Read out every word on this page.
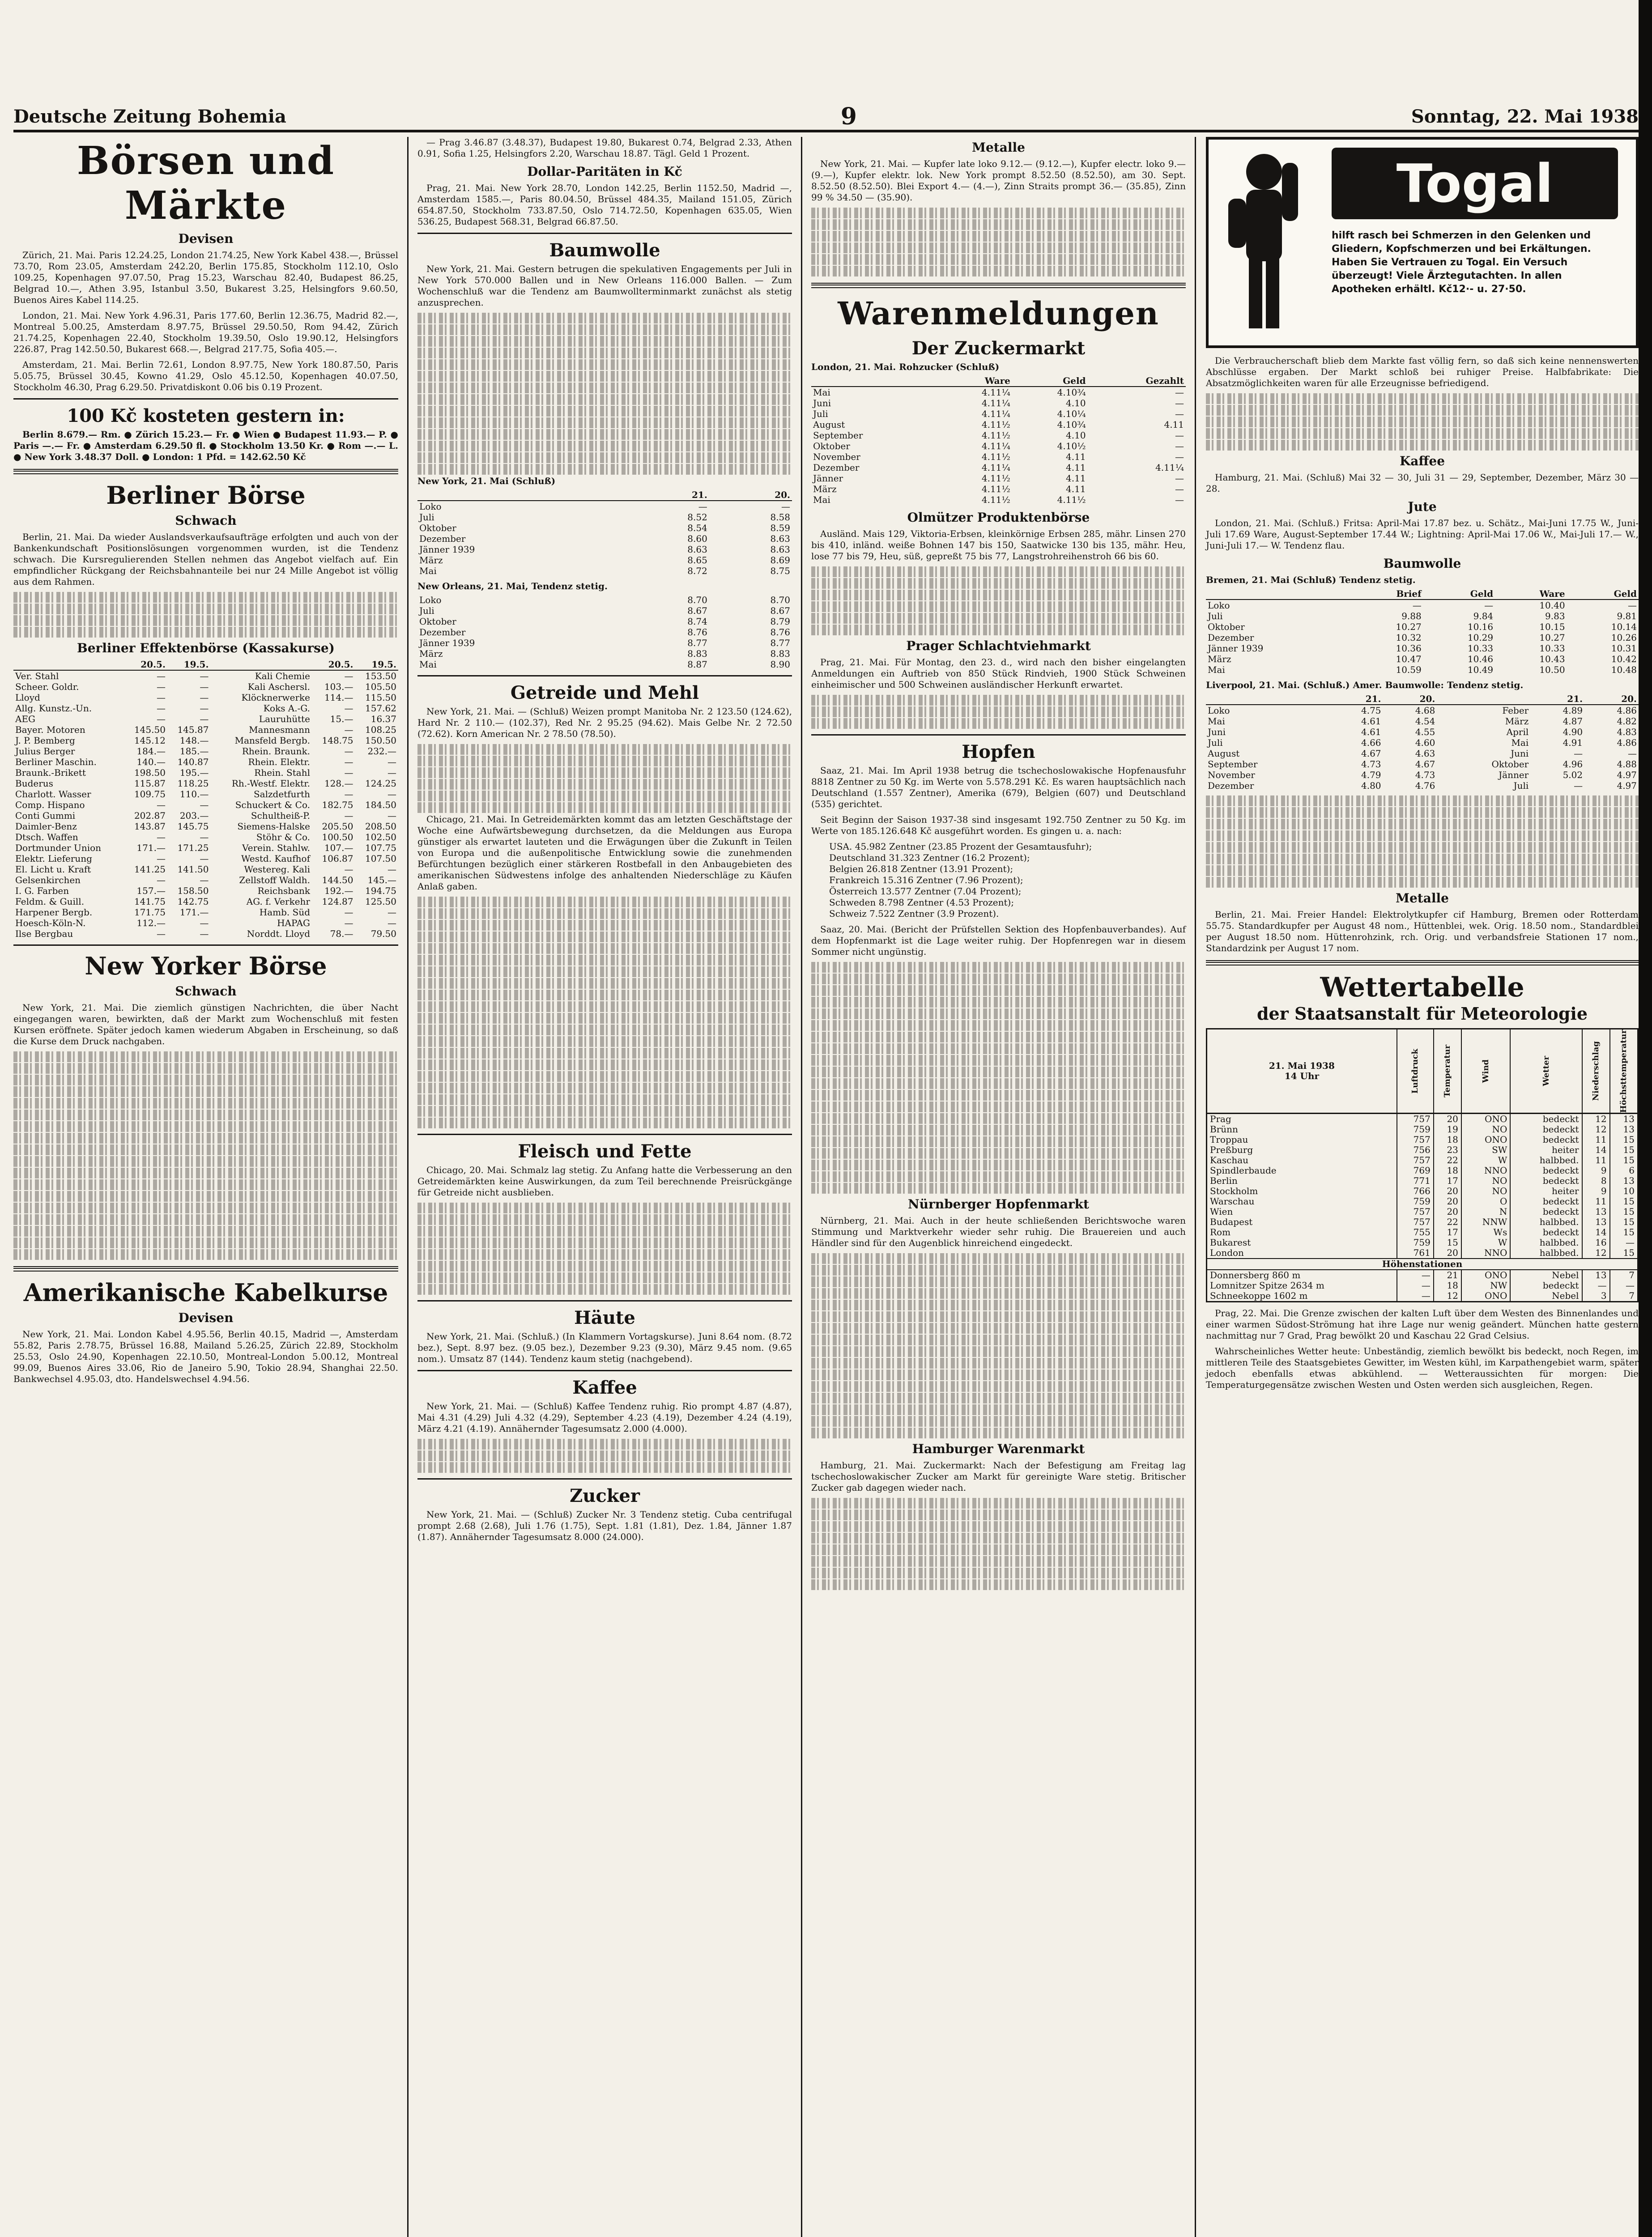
Deutsche Zeitung Bohemia	9	Sonntag, 22. Mai 1938
Börsen und Märkte
Devisen

Zürich, 21. Mai. Paris 12.24.25, London 21.74.25, New York Kabel 438.—, Brüssel 73.70, Rom 23.05, Amsterdam 242.20, Berlin 175.85, Stockholm 112.10, Oslo 109.25, Kopenhagen 97.07.50, Prag 15.23, Warschau 82.40, Budapest 86.25, Belgrad 10.—, Athen 3.95, Istanbul 3.50, Bukarest 3.25, Helsingfors 9.60.50, Buenos Aires Kabel 114.25.

London, 21. Mai. New York 4.96.31, Paris 177.60, Berlin 12.36.75, Madrid 82.—, Montreal 5.00.25, Amsterdam 8.97.75, Brüssel 29.50.50, Rom 94.42, Zürich 21.74.25, Kopenhagen 22.40, Stockholm 19.39.50, Oslo 19.90.12, Helsingfors 226.87, Prag 142.50.50, Bukarest 668.—, Belgrad 217.75, Sofia 405.—.

Amsterdam, 21. Mai. Berlin 72.61, London 8.97.75, New York 180.87.50, Paris 5.05.75, Brüssel 30.45, Kowno 41.29, Oslo 45.12.50, Kopenhagen 40.07.50, Stockholm 46.30, Prag 6.29.50. Privatdiskont 0.06 bis 0.19 Prozent.

100 Kč kosteten gestern in:

Berlin 8.679.— Rm. ● Zürich 15.23.— Fr. ● Wien ● Budapest 11.93.— P. ● Paris —.— Fr. ● Amsterdam 6.29.50 fl. ● Stockholm 13.50 Kr. ● Rom —.— L. ● New York 3.48.37 Doll. ● London: 1 Pfd. = 142.62.50 Kč

Berliner Börse
Schwach

Berlin, 21. Mai. Da wieder Auslandsverkaufsaufträge erfolgten und auch von der Bankenkundschaft Positionslösungen vorgenommen wurden, ist die Tendenz schwach. Die Kursregulierenden Stellen nehmen das Angebot vielfach auf. Ein empfindlicher Rückgang der Reichsbahnanteile bei nur 24 Mille Angebot ist völlig aus dem Rahmen.

Berliner Effektenbörse (Kassakurse)
	20.5.	19.5.		20.5.	19.5.
Ver. Stahl	—	—	Kali Chemie	—	153.50
Scheer. Goldr.	—	—	Kali Aschersl.	103.—	105.50
Lloyd	—	—	Klöcknerwerke	114.—	115.50
Allg. Kunstz.-Un.	—	—	Koks A.-G.	—	157.62
AEG	—	—	Lauruhütte	15.—	16.37
Bayer. Motoren	145.50	145.87	Mannesmann	—	108.25
J. P. Bemberg	145.12	148.—	Mansfeld Bergb.	148.75	150.50
Julius Berger	184.—	185.—	Rhein. Braunk.	—	232.—
Berliner Maschin.	140.—	140.87	Rhein. Elektr.	—	—
Braunk.-Brikett	198.50	195.—	Rhein. Stahl	—	—
Buderus	115.87	118.25	Rh.-Westf. Elektr.	128.—	124.25
Charlott. Wasser	109.75	110.—	Salzdetfurth	—	—
Comp. Hispano	—	—	Schuckert & Co.	182.75	184.50
Conti Gummi	202.87	203.—	Schultheiß-P.	—	—
Daimler-Benz	143.87	145.75	Siemens-Halske	205.50	208.50
Dtsch. Waffen	—	—	Stöhr & Co.	100.50	102.50
Dortmunder Union	171.—	171.25	Verein. Stahlw.	107.—	107.75
Elektr. Lieferung	—	—	Westd. Kaufhof	106.87	107.50
El. Licht u. Kraft	141.25	141.50	Westereg. Kali	—	—
Gelsenkirchen	—	—	Zellstoff Waldh.	144.50	145.—
I. G. Farben	157.—	158.50	Reichsbank	192.—	194.75
Feldm. & Guill.	141.75	142.75	AG. f. Verkehr	124.87	125.50
Harpener Bergb.	171.75	171.—	Hamb. Süd	—	—
Hoesch-Köln-N.	112.—	—	HAPAG	—	—
Ilse Bergbau	—	—	Norddt. Lloyd	78.—	79.50
New Yorker Börse
Schwach

New York, 21. Mai. Die ziemlich günstigen Nachrichten, die über Nacht eingegangen waren, bewirkten, daß der Markt zum Wochenschluß mit festen Kursen eröffnete. Später jedoch kamen wiederum Abgaben in Erscheinung, so daß die Kurse dem Druck nachgaben.

Amerikanische Kabelkurse
Devisen

New York, 21. Mai. London Kabel 4.95.56, Berlin 40.15, Madrid —, Amsterdam 55.82, Paris 2.78.75, Brüssel 16.88, Mailand 5.26.25, Zürich 22.89, Stockholm 25.53, Oslo 24.90, Kopenhagen 22.10.50, Montreal-London 5.00.12, Montreal 99.09, Buenos Aires 33.06, Rio de Janeiro 5.90, Tokio 28.94, Shanghai 22.50. Bankwechsel 4.95.03, dto. Handelswechsel 4.94.56.

— Prag 3.46.87 (3.48.37), Budapest 19.80, Bukarest 0.74, Belgrad 2.33, Athen 0.91, Sofia 1.25, Helsingfors 2.20, Warschau 18.87. Tägl. Geld 1 Prozent.

Dollar-Paritäten in Kč

Prag, 21. Mai. New York 28.70, London 142.25, Berlin 1152.50, Madrid —, Amsterdam 1585.—, Paris 80.04.50, Brüssel 484.35, Mailand 151.05, Zürich 654.87.50, Stockholm 733.87.50, Oslo 714.72.50, Kopenhagen 635.05, Wien 536.25, Budapest 568.31, Belgrad 66.87.50.

Baumwolle

New York, 21. Mai. Gestern betrugen die spekulativen Engagements per Juli in New York 570.000 Ballen und in New Orleans 116.000 Ballen. — Zum Wochenschluß war die Tendenz am Baumwollterminmarkt zunächst als stetig anzusprechen.

New York, 21. Mai (Schluß)
	21.	20.
Loko	—	—
Juli	8.52	8.58
Oktober	8.54	8.59
Dezember	8.60	8.63
Jänner 1939	8.63	8.63
März	8.65	8.69
Mai	8.72	8.75
New Orleans, 21. Mai, Tendenz stetig.
Loko	8.70	8.70
Juli	8.67	8.67
Oktober	8.74	8.79
Dezember	8.76	8.76
Jänner 1939	8.77	8.77
März	8.83	8.83
Mai	8.87	8.90
Getreide und Mehl

New York, 21. Mai. — (Schluß) Weizen prompt Manitoba Nr. 2 123.50 (124.62), Hard Nr. 2 110.— (102.37), Red Nr. 2 95.25 (94.62). Mais Gelbe Nr. 2 72.50 (72.62). Korn American Nr. 2 78.50 (78.50).

Chicago, 21. Mai. In Getreidemärkten kommt das am letzten Geschäftstage der Woche eine Aufwärtsbewegung durchsetzen, da die Meldungen aus Europa günstiger als erwartet lauteten und die Erwägungen über die Zukunft in Teilen von Europa und die außenpolitische Entwicklung sowie die zunehmenden Befürchtungen bezüglich einer stärkeren Rostbefall in den Anbaugebieten des amerikanischen Südwestens infolge des anhaltenden Niederschläge zu Käufen Anlaß gaben.

Fleisch und Fette

Chicago, 20. Mai. Schmalz lag stetig. Zu Anfang hatte die Verbesserung an den Getreidemärkten keine Auswirkungen, da zum Teil berechnende Preisrückgänge für Getreide nicht ausblieben.

Häute

New York, 21. Mai. (Schluß.) (In Klammern Vortagskurse). Juni 8.64 nom. (8.72 bez.), Sept. 8.97 bez. (9.05 bez.), Dezember 9.23 (9.30), März 9.45 nom. (9.65 nom.). Umsatz 87 (144). Tendenz kaum stetig (nachgebend).

Kaffee

New York, 21. Mai. — (Schluß) Kaffee Tendenz ruhig. Rio prompt 4.87 (4.87), Mai 4.31 (4.29) Juli 4.32 (4.29), September 4.23 (4.19), Dezember 4.24 (4.19), März 4.21 (4.19). Annähernder Tagesumsatz 2.000 (4.000).

Zucker

New York, 21. Mai. — (Schluß) Zucker Nr. 3 Tendenz stetig. Cuba centrifugal prompt 2.68 (2.68), Juli 1.76 (1.75), Sept. 1.81 (1.81), Dez. 1.84, Jänner 1.87 (1.87). Annähernder Tagesumsatz 8.000 (24.000).

Metalle

New York, 21. Mai. — Kupfer late loko 9.12.— (9.12.—), Kupfer electr. loko 9.— (9.—), Kupfer elektr. lok. New York prompt 8.52.50 (8.52.50), am 30. Sept. 8.52.50 (8.52.50). Blei Export 4.— (4.—), Zinn Straits prompt 36.— (35.85), Zinn 99 % 34.50 — (35.90).

Warenmeldungen
Der Zuckermarkt
London, 21. Mai. Rohzucker (Schluß)
	Ware	Geld	Gezahlt
Mai	4.11¼	4.10¾	—
Juni	4.11¼	4.10	—
Juli	4.11¼	4.10¼	—
August	4.11½	4.10¾	4.11
September	4.11½	4.10	—
Oktober	4.11¼	4.10½	—
November	4.11½	4.11	—
Dezember	4.11¼	4.11	4.11¼
Jänner	4.11½	4.11	—
März	4.11½	4.11	—
Mai	4.11½	4.11½	—
Olmützer Produktenbörse

Ausländ. Mais 129, Viktoria-Erbsen, kleinkörnige Erbsen 285, mähr. Linsen 270 bis 410, inländ. weiße Bohnen 147 bis 150, Saatwicke 130 bis 135, mähr. Heu, lose 77 bis 79, Heu, süß, gepreßt 75 bis 77, Langstrohreihenstroh 66 bis 60.

Prager Schlachtviehmarkt

Prag, 21. Mai. Für Montag, den 23. d., wird nach den bisher eingelangten Anmeldungen ein Auftrieb von 850 Stück Rindvieh, 1900 Stück Schweinen einheimischer und 500 Schweinen ausländischer Herkunft erwartet.

Hopfen

Saaz, 21. Mai. Im April 1938 betrug die tschechoslowakische Hopfenausfuhr 8818 Zentner zu 50 Kg. im Werte von 5.578.291 Kč. Es waren hauptsächlich nach Deutschland (1.557 Zentner), Amerika (679), Belgien (607) und Deutschland (535) gerichtet.

Seit Beginn der Saison 1937-38 sind insgesamt 192.750 Zentner zu 50 Kg. im Werte von 185.126.648 Kč ausgeführt worden. Es gingen u. a. nach:

USA. 45.982 Zentner (23.85 Prozent der Gesamtausfuhr);
Deutschland 31.323 Zentner (16.2 Prozent);
Belgien 26.818 Zentner (13.91 Prozent);
Frankreich 15.316 Zentner (7.96 Prozent);
Österreich 13.577 Zentner (7.04 Prozent);
Schweden 8.798 Zentner (4.53 Prozent);
Schweiz 7.522 Zentner (3.9 Prozent).

Saaz, 20. Mai. (Bericht der Prüfstellen Sektion des Hopfenbauverbandes). Auf dem Hopfenmarkt ist die Lage weiter ruhig. Der Hopfenregen war in diesem Sommer nicht ungünstig.

Nürnberger Hopfenmarkt

Nürnberg, 21. Mai. Auch in der heute schließenden Berichtswoche waren Stimmung und Marktverkehr wieder sehr ruhig. Die Brauereien und auch Händler sind für den Augenblick hinreichend eingedeckt.

Hamburger Warenmarkt

Hamburg, 21. Mai. Zuckermarkt: Nach der Befestigung am Freitag lag tschechoslowakischer Zucker am Markt für gereinigte Ware stetig. Britischer Zucker gab dagegen wieder nach.

Togal
hilft rasch bei Schmerzen in den Gelenken und Gliedern, Kopfschmerzen und bei Erkältungen. Haben Sie Vertrauen zu Togal. Ein Versuch überzeugt! Viele Ärztegutachten. In allen Apotheken erhältl. Kč12·- u. 27·50.

Die Verbraucherschaft blieb dem Markte fast völlig fern, so daß sich keine nennenswerten Abschlüsse ergaben. Der Markt schloß bei ruhiger Preise. Halbfabrikate: Die Absatzmöglichkeiten waren für alle Erzeugnisse befriedigend.

Kaffee

Hamburg, 21. Mai. (Schluß) Mai 32 — 30, Juli 31 — 29, September, Dezember, März 30 — 28.

Jute

London, 21. Mai. (Schluß.) Fritsa: April-Mai 17.87 bez. u. Schätz., Mai-Juni 17.75 W., Juni-Juli 17.69 Ware, August-September 17.44 W.; Lightning: April-Mai 17.06 W., Mai-Juli 17.— W., Juni-Juli 17.— W. Tendenz flau.

Baumwolle
Bremen, 21. Mai (Schluß) Tendenz stetig.
	Brief	Geld	Ware	Geld
Loko	—	—	10.40	—
Juli	9.88	9.84	9.83	9.81
Oktober	10.27	10.16	10.15	10.14
Dezember	10.32	10.29	10.27	10.26
Jänner 1939	10.36	10.33	10.33	10.31
März	10.47	10.46	10.43	10.42
Mai	10.59	10.49	10.50	10.48
Liverpool, 21. Mai. (Schluß.) Amer. Baumwolle: Tendenz stetig.
	21.	20.		21.	20.
Loko	4.75	4.68	Feber	4.89	4.86
Mai	4.61	4.54	März	4.87	4.82
Juni	4.61	4.55	April	4.90	4.83
Juli	4.66	4.60	Mai	4.91	4.86
August	4.67	4.63	Juni	—	—
September	4.73	4.67	Oktober	4.96	4.88
November	4.79	4.73	Jänner	5.02	4.97
Dezember	4.80	4.76	Juli	—	4.97
Metalle

Berlin, 21. Mai. Freier Handel: Elektrolytkupfer cif Hamburg, Bremen oder Rotterdam 55.75. Standardkupfer per August 48 nom., Hüttenblei, wek. Orig. 18.50 nom., Standardblei per August 18.50 nom. Hüttenrohzink, rch. Orig. und verbandsfreie Stationen 17 nom., Standardzink per August 17 nom.

Wettertabelle
der Staatsanstalt für Meteorologie
21. Mai 1938
14 Uhr	Luftdruck	Temperatur	Wind	Wetter	Niederschlag	Höchsttemperatur

Prag	757	20	ONO	bedeckt	12	13
Brünn	759	19	NO	bedeckt	12	13
Troppau	757	18	ONO	bedeckt	11	15
Preßburg	756	23	SW	heiter	14	15
Kaschau	757	22	W	halbbed.	11	15
Spindlerbaude	769	18	NNO	bedeckt	9	6
Berlin	771	17	NO	bedeckt	8	13
Stockholm	766	20	NO	heiter	9	10
Warschau	759	20	O	bedeckt	11	15
Wien	757	20	N	bedeckt	13	15
Budapest	757	22	NNW	halbbed.	13	15
Rom	755	17	Ws	bedeckt	14	15
Bukarest	759	15	W	halbbed.	16	—
London	761	20	NNO	halbbed.	12	15
Höhenstationen						
Donnersberg 860 m	—	21	ONO	Nebel	13	7
Lomnitzer Spitze 2634 m	—	18	NW	bedeckt	—	—
Schneekoppe 1602 m	—	12	ONO	Nebel	3	7

Prag, 22. Mai. Die Grenze zwischen der kalten Luft über dem Westen des Binnenlandes und einer warmen Südost-Strömung hat ihre Lage nur wenig geändert. München hatte gestern nachmittag nur 7 Grad, Prag bewölkt 20 und Kaschau 22 Grad Celsius.

Wahrscheinliches Wetter heute: Unbeständig, ziemlich bewölkt bis bedeckt, noch Regen, im mittleren Teile des Staatsgebietes Gewitter, im Westen kühl, im Karpathengebiet warm, später jedoch ebenfalls etwas abkühlend. — Wetteraussichten für morgen: Die Temperaturgegensätze zwischen Westen und Osten werden sich ausgleichen, Regen.
